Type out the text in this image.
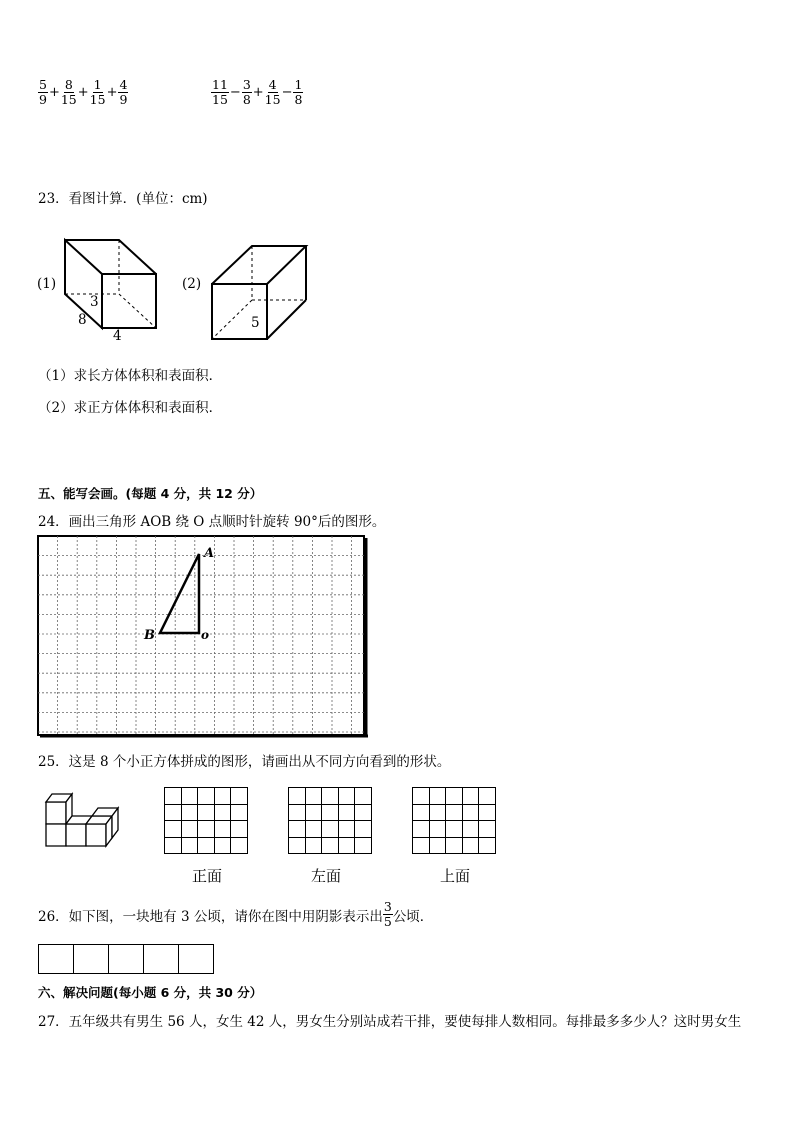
$\frac{5}{9} + \frac{8}{15} + \frac{1}{15} + \frac{4}{9}$	$\frac{11}{15} - \frac{3}{8} + \frac{4}{15} - \frac{1}{8}$
23．看图计算．(单位：cm)
(1)
3
8
4
(2)
5
（1）求长方体体积和表面积．
（2）求正方体体积和表面积．
五、能写会画。(每题 4 分，共 12 分）
24．画出三角形 AOB 绕 O 点顺时针旋转 90°后的图形。
A
B	o
25．这是 8 个小正方体拼成的图形，请画出从不同方向看到的形状。

正面	左面	上面
26．如下图，一块地有 3 公顷，请你在图中用阴影表示出 $\frac{3}{5}$ 公顷．

六、解决问题(每小题 6 分，共 30 分）
27．五年级共有男生 56 人，女生 42 人，男女生分别站成若干排，要使每排人数相同。每排最多多少人？这时男女生
